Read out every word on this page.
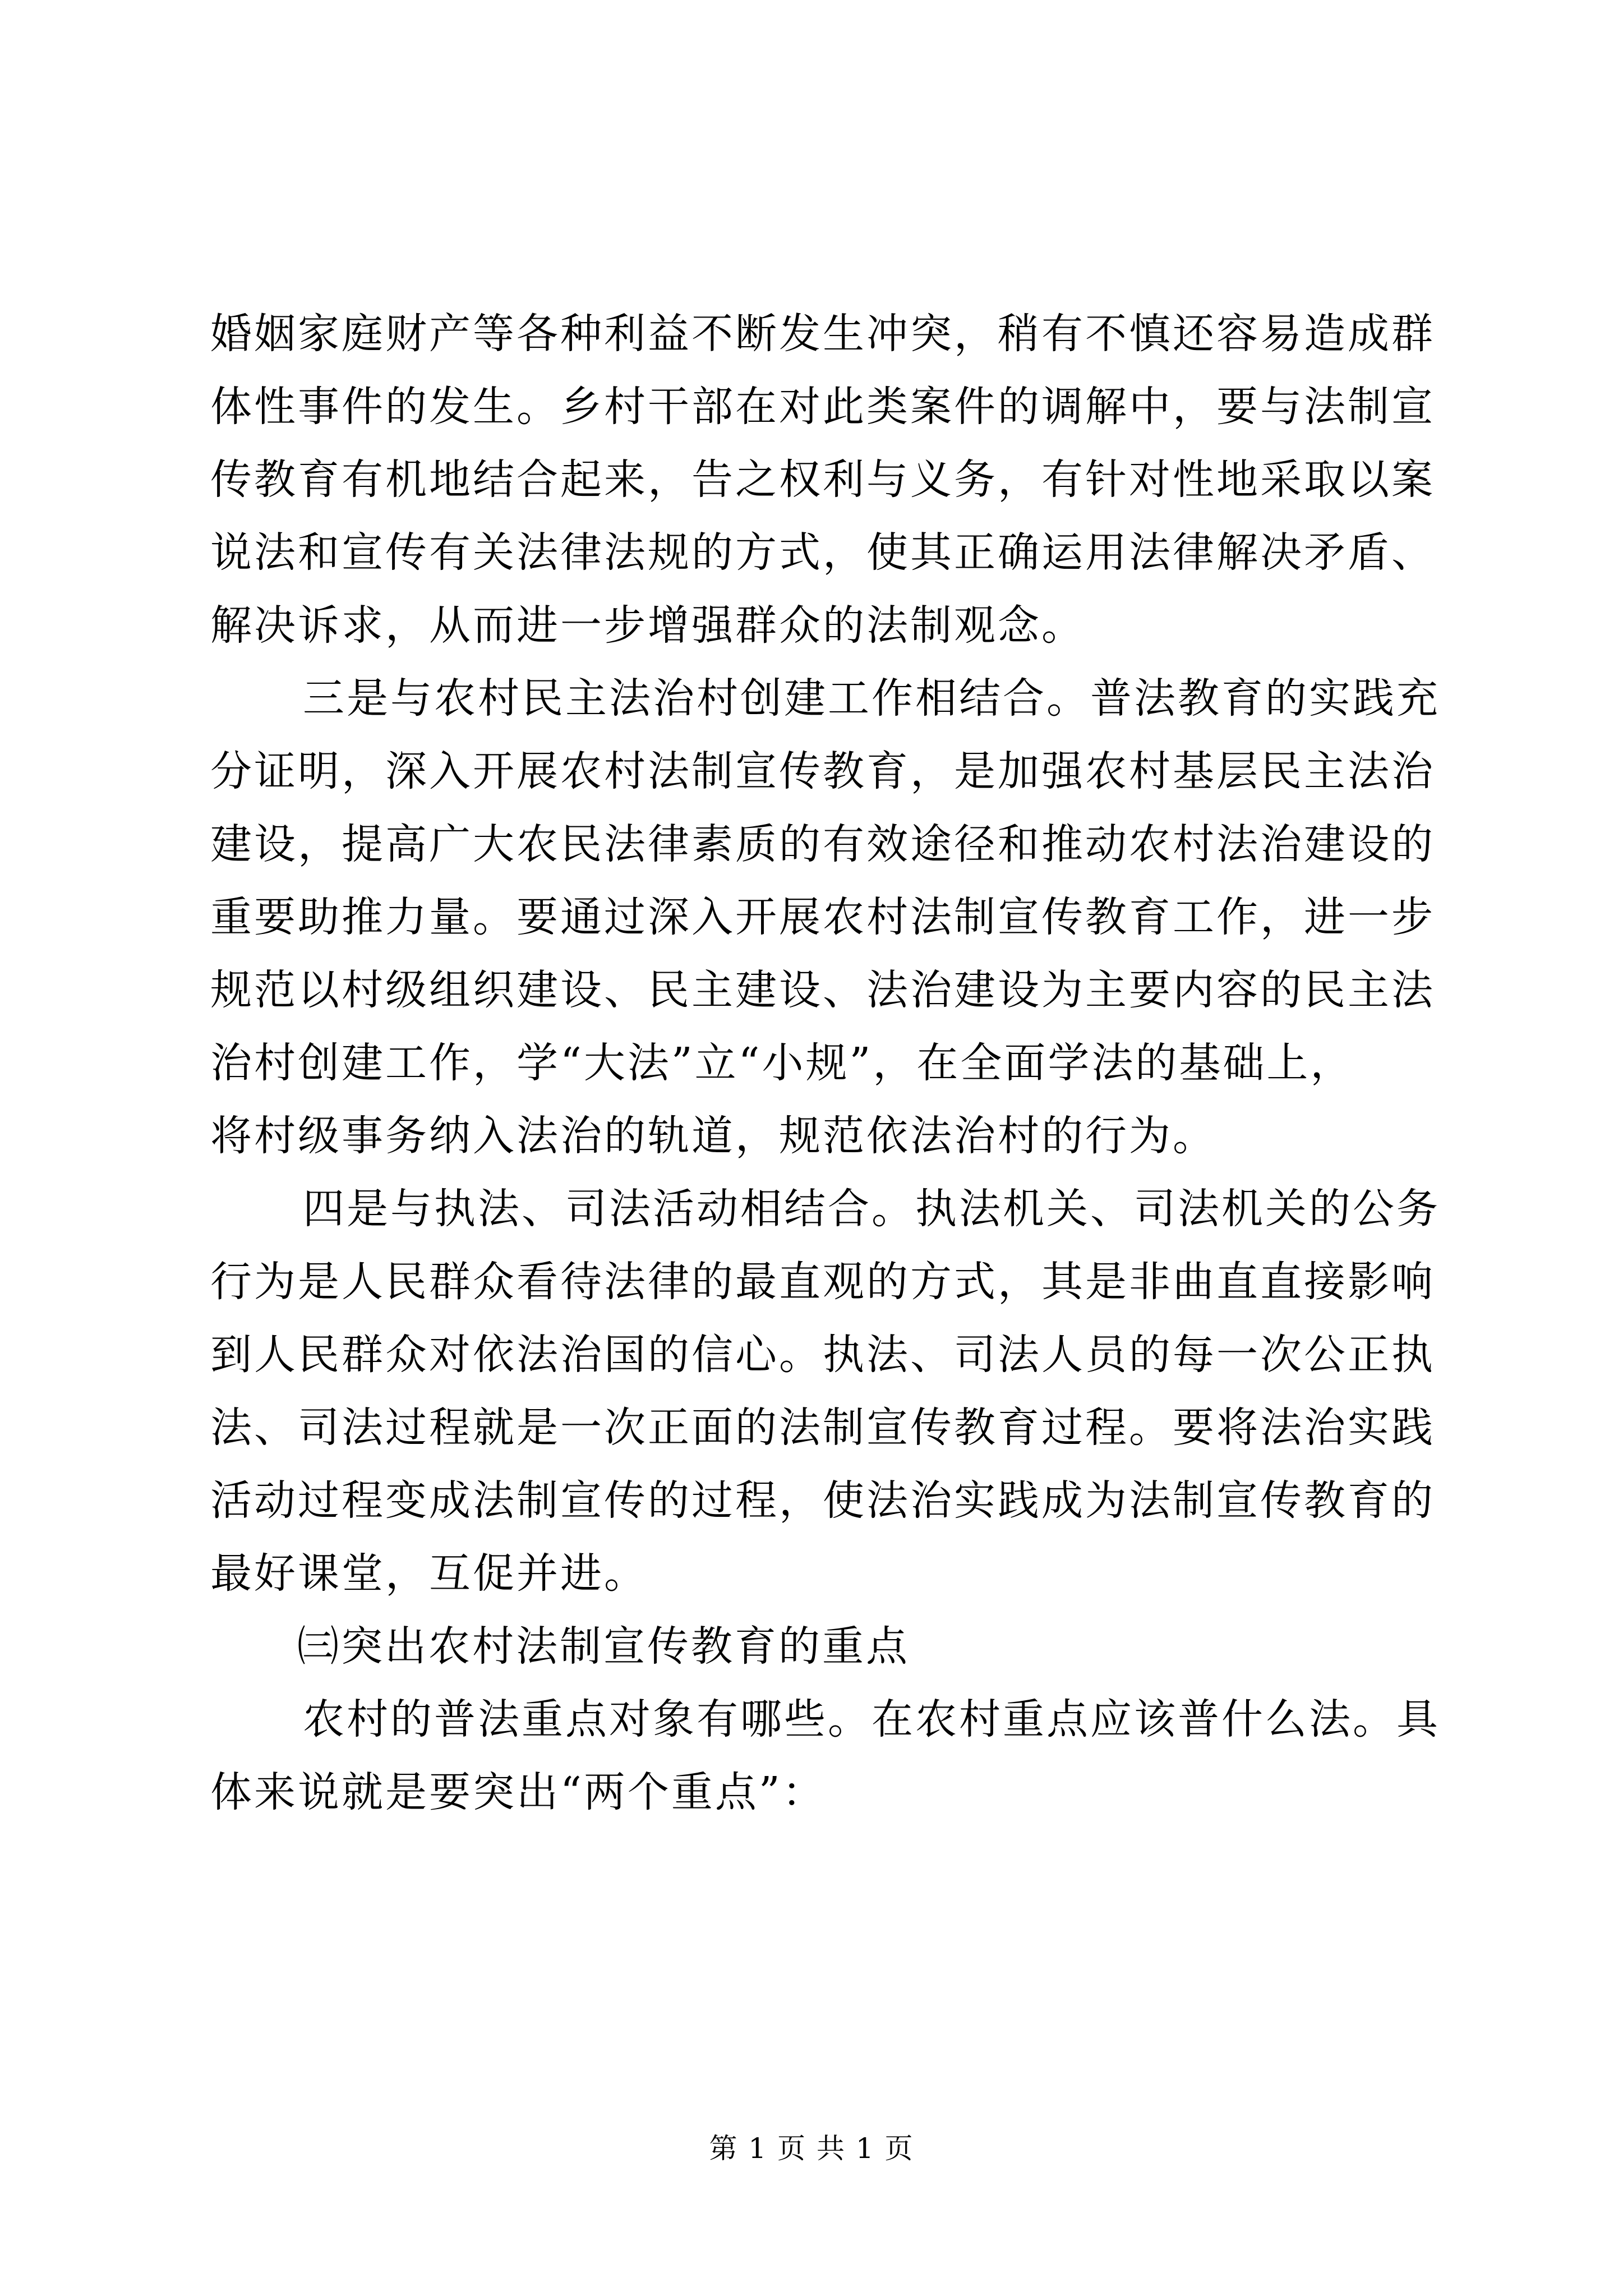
婚姻家庭财产等各种利益不断发生冲突，稍有不慎还容易造成群
体性事件的发生。乡村干部在对此类案件的调解中，要与法制宣
传教育有机地结合起来，告之权利与义务，有针对性地采取以案
说法和宣传有关法律法规的方式，使其正确运用法律解决矛盾、
解决诉求，从而进一步增强群众的法制观念。
三是与农村民主法治村创建工作相结合。普法教育的实践充
分证明，深入开展农村法制宣传教育，是加强农村基层民主法治
建设，提高广大农民法律素质的有效途径和推动农村法治建设的
重要助推力量。要通过深入开展农村法制宣传教育工作，进一步
规范以村级组织建设、民主建设、法治建设为主要内容的民主法
治村创建工作，学“大法”立“小规”，在全面学法的基础上，
将村级事务纳入法治的轨道，规范依法治村的行为。
四是与执法、司法活动相结合。执法机关、司法机关的公务
行为是人民群众看待法律的最直观的方式，其是非曲直直接影响
到人民群众对依法治国的信心。执法、司法人员的每一次公正执
法、司法过程就是一次正面的法制宣传教育过程。要将法治实践
活动过程变成法制宣传的过程，使法治实践成为法制宣传教育的
最好课堂，互促并进。
㈢突出农村法制宣传教育的重点
农村的普法重点对象有哪些。在农村重点应该普什么法。具
体来说就是要突出“两个重点”：
第 1 页 共 1 页
